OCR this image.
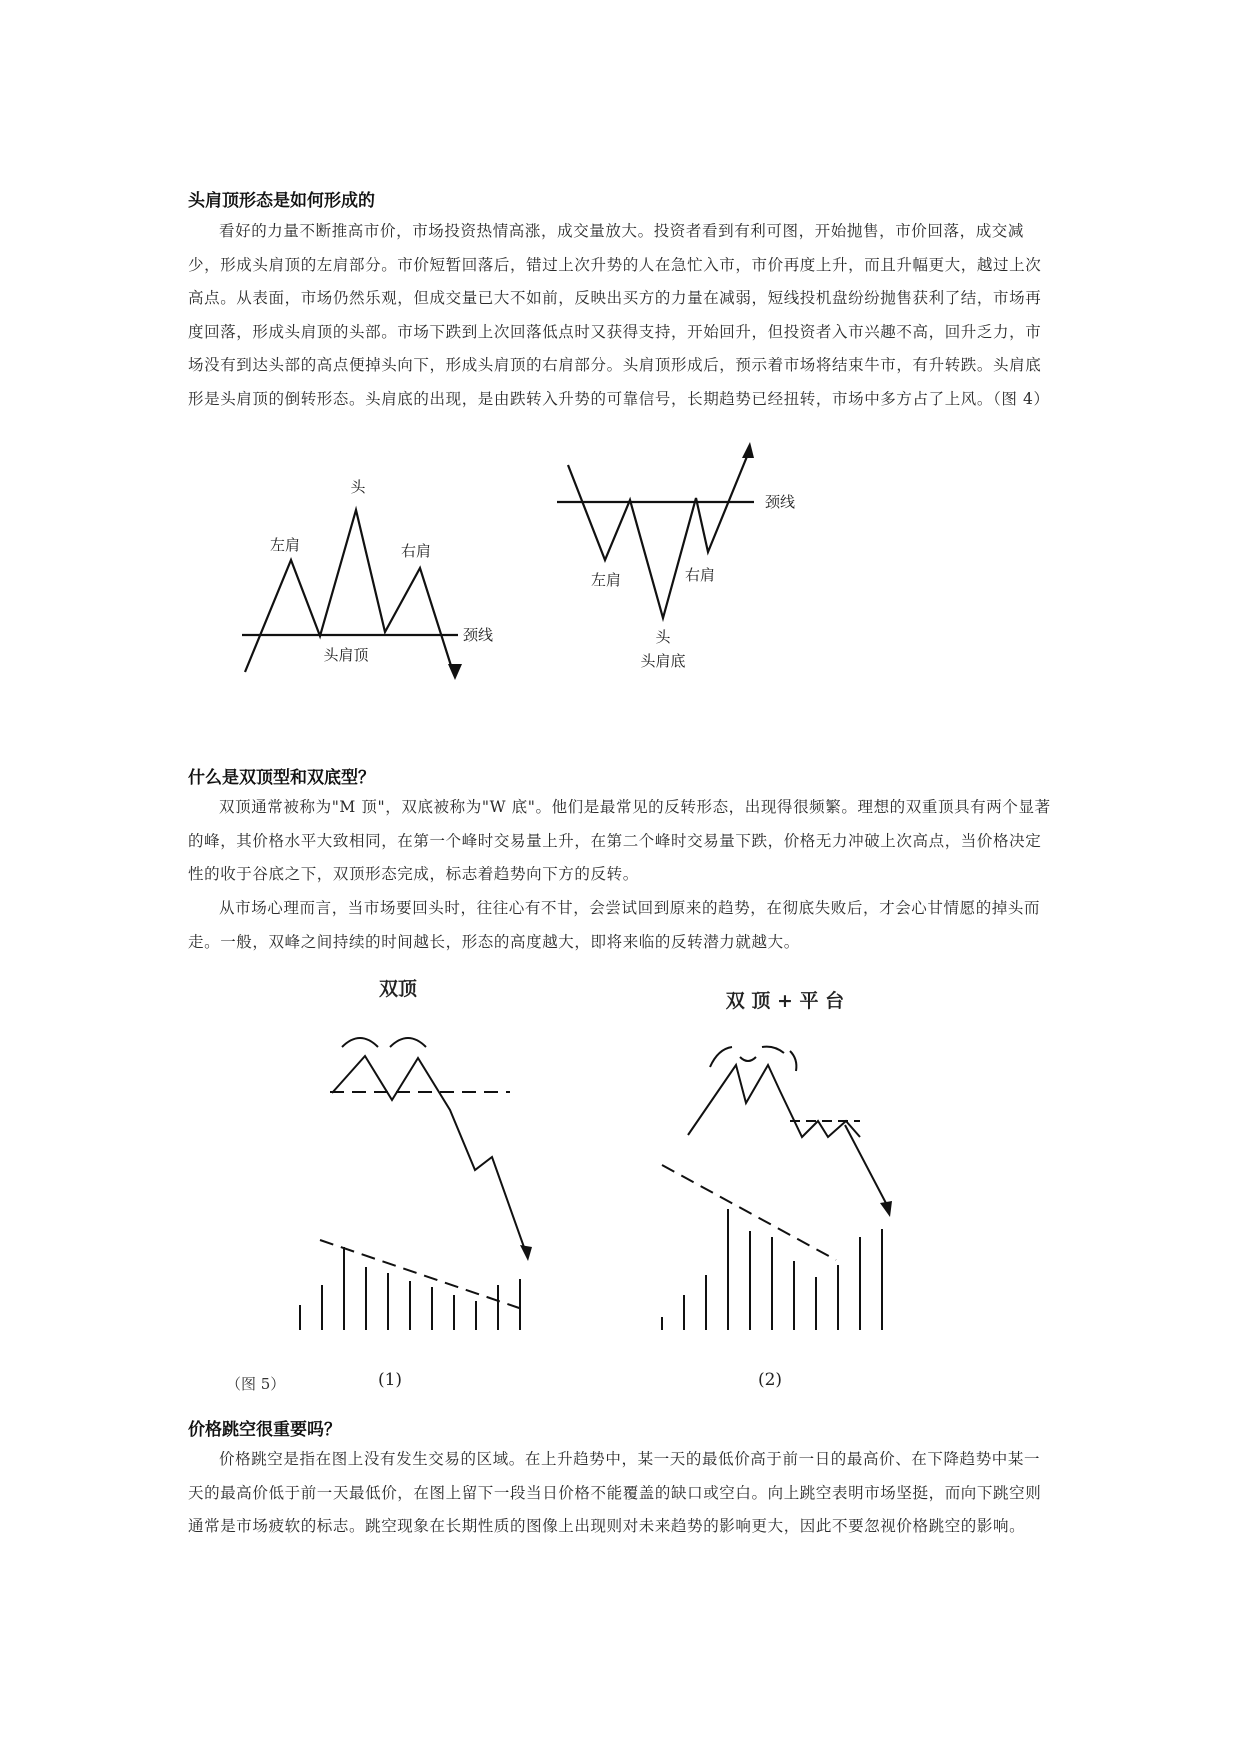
头肩顶形态是如何形成的

看好的力量不断推高市价，市场投资热情高涨，成交量放大。投资者看到有利可图，开始抛售，市价回落，成交减少，形成头肩顶的左肩部分。市价短暂回落后，错过上次升势的人在急忙入市，市价再度上升，而且升幅更大，越过上次高点。从表面，市场仍然乐观，但成交量已大不如前，反映出买方的力量在减弱，短线投机盘纷纷抛售获利了结，市场再度回落，形成头肩顶的头部。市场下跌到上次回落低点时又获得支持，开始回升，但投资者入市兴趣不高，回升乏力，市场没有到达头部的高点便掉头向下，形成头肩顶的右肩部分。头肩顶形成后，预示着市场将结束牛市，有升转跌。头肩底形是头肩顶的倒转形态。头肩底的出现，是由跌转入升势的可靠信号，长期趋势已经扭转，市场中多方占了上风。（图 4）

头
左肩	右肩
颈线
头肩顶
颈线
左肩	右肩
头
头肩底
什么是双顶型和双底型？

双顶通常被称为"M 顶"，双底被称为"W 底"。他们是最常见的反转形态，出现得很频繁。理想的双重顶具有两个显著的峰，其价格水平大致相同，在第一个峰时交易量上升，在第二个峰时交易量下跌，价格无力冲破上次高点，当价格决定性的收于谷底之下，双顶形态完成，标志着趋势向下方的反转。

从市场心理而言，当市场要回头时，往往心有不甘，会尝试回到原来的趋势，在彻底失败后，才会心甘情愿的掉头而走。一般，双峰之间持续的时间越长，形态的高度越大，即将来临的反转潜力就越大。

双顶
(1)
双 顶 + 平 台
(2)
（图 5）
价格跳空很重要吗？

价格跳空是指在图上没有发生交易的区域。在上升趋势中，某一天的最低价高于前一日的最高价、在下降趋势中某一天的最高价低于前一天最低价，在图上留下一段当日价格不能覆盖的缺口或空白。向上跳空表明市场坚挺，而向下跳空则通常是市场疲软的标志。跳空现象在长期性质的图像上出现则对未来趋势的影响更大，因此不要忽视价格跳空的影响。
